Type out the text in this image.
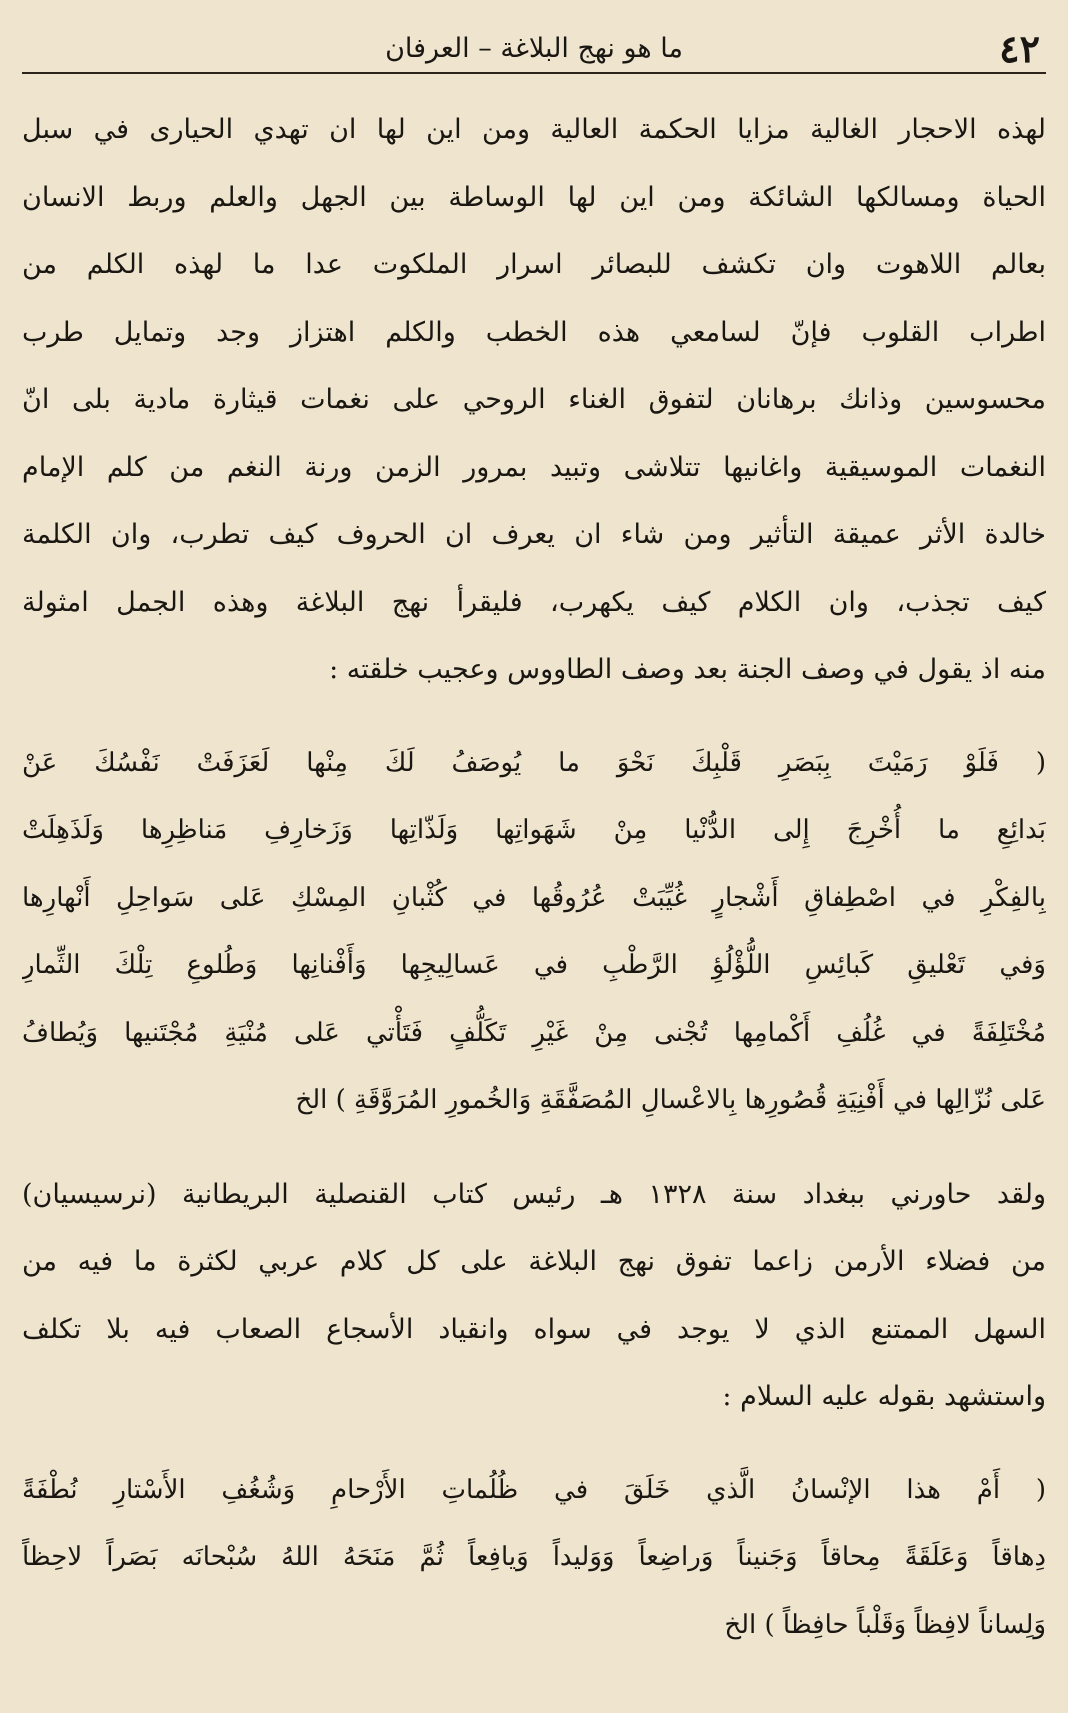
٤٢
ما هو نهج البلاغة – العرفان
لهذه الاحجار الغالية مزايا الحكمة العالية ومن اين لها ان تهدي الحيارى في سبل
الحياة ومسالكها الشائكة ومن اين لها الوساطة بين الجهل والعلم وربط الانسان
بعالم اللاهوت وان تكشف للبصائر اسرار الملكوت عدا ما لهذه الكلم من
اطراب القلوب فإنّ لسامعي هذه الخطب والكلم اهتزاز وجد وتمايل طرب
محسوسين وذانك برهانان لتفوق الغناء الروحي على نغمات قيثارة مادية بلى انّ
النغمات الموسيقية واغانيها تتلاشى وتبيد بمرور الزمن ورنة النغم من كلم الإمام
خالدة الأثر عميقة التأثير ومن شاء ان يعرف ان الحروف كيف تطرب، وان الكلمة
كيف تجذب، وان الكلام كيف يكهرب، فليقرأ نهج البلاغة وهذه الجمل امثولة
منه اذ يقول في وصف الجنة بعد وصف الطاووس وعجيب خلقته :
( فَلَوْ رَمَيْتَ بِبَصَرِ قَلْبِكَ نَحْوَ ما يُوصَفُ لَكَ مِنْها لَعَزَفَتْ نَفْسُكَ عَنْ
بَدائِعِ ما أُخْرِجَ إِلى الدُّنْيا مِنْ شَهَواتِها وَلَذّاتِها وَزَخارِفِ مَناظِرِها وَلَذَهِلَتْ
بِالفِكْرِ في اصْطِفاقِ أَشْجارٍ غُيِّبَتْ عُرُوقُها في كُثْبانِ المِسْكِ عَلى سَواحِلِ أَنْهارِها
وَفي تَعْليقِ كَبائِسِ اللُّؤْلُؤِ الرَّطْبِ في عَسالِيجِها وَأَفْنانِها وَطُلوعِ تِلْكَ الثِّمارِ
مُخْتَلِفَةً في غُلُفِ أَكْمامِها تُجْنى مِنْ غَيْرِ تَكَلُّفٍ فَتَأْتي عَلى مُنْيَةِ مُجْتَنيها وَيُطافُ
عَلى نُزّالِها في أَفْنِيَةِ قُصُورِها بِالاعْسالِ المُصَفَّقَةِ وَالخُمورِ المُرَوَّقَةِ ) الخ
ولقد حاورني ببغداد سنة ١٣٢٨ هـ رئيس كتاب القنصلية البريطانية (نرسيسيان)
من فضلاء الأرمن زاعما تفوق نهج البلاغة على كل كلام عربي لكثرة ما فيه من
السهل الممتنع الذي لا يوجد في سواه وانقياد الأسجاع الصعاب فيه بلا تكلف
واستشهد بقوله عليه السلام :
( أَمْ هذا الإنْسانُ الَّذي خَلَقَ في ظُلُماتِ الأَرْحامِ وَشُغُفِ الأَسْتارِ نُطْفَةً
دِهاقاً وَعَلَقَةً مِحاقاً وَجَنيناً وَراضِعاً وَوَليداً وَيافِعاً ثُمَّ مَنَحَهُ اللهُ سُبْحانَه بَصَراً لاحِظاً
وَلِساناً لافِظاً وَقَلْباً حافِظاً ) الخ
